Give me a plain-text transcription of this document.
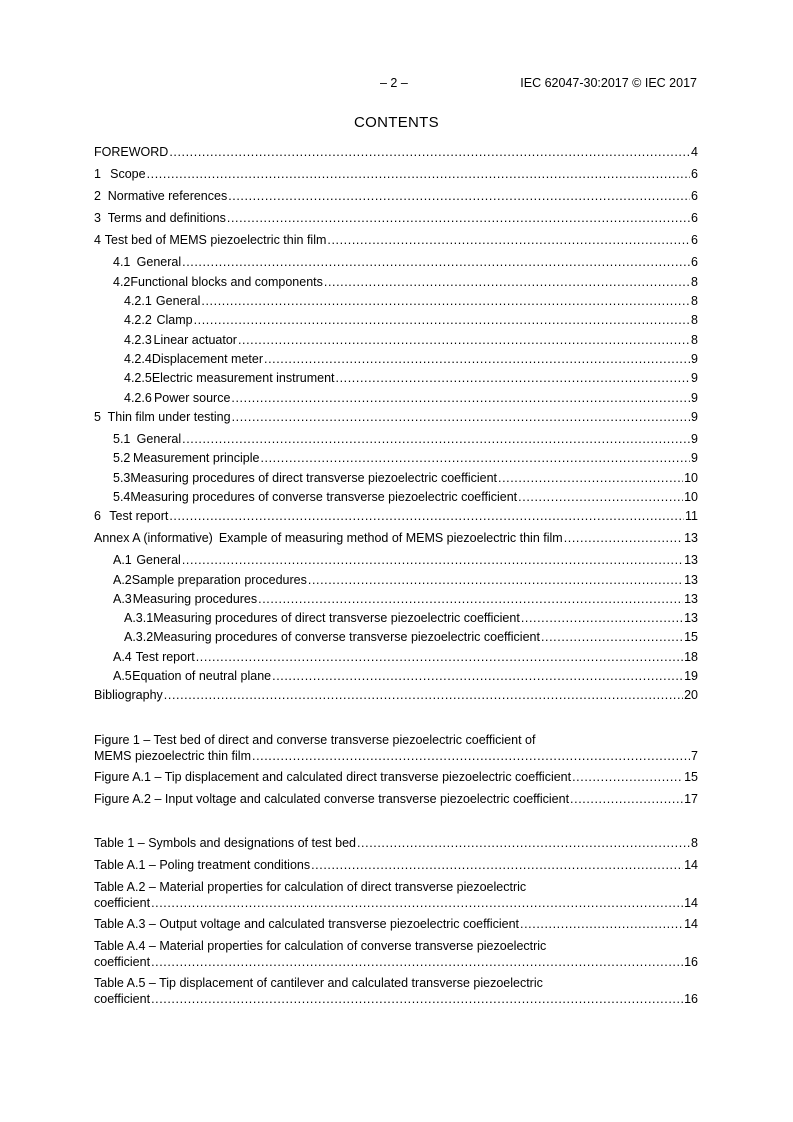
– 2 –	IEC 62047-30:2017 © IEC 2017
CONTENTS
FOREWORD .....	4
1 Scope .....	6
2 Normative references .....	6
3 Terms and definitions .....	6
4 Test bed of MEMS piezoelectric thin film .....	6
4.1 General .....	6
4.2 Functional blocks and components .....	8
4.2.1 General .....	8
4.2.2 Clamp .....	8
4.2.3 Linear actuator .....	8
4.2.4 Displacement meter .....	9
4.2.5 Electric measurement instrument .....	9
4.2.6 Power source .....	9
5 Thin film under testing .....	9
5.1 General .....	9
5.2 Measurement principle .....	9
5.3 Measuring procedures of direct transverse piezoelectric coefficient .....	10
5.4 Measuring procedures of converse transverse piezoelectric coefficient .....	10
6 Test report .....	11
Annex A (informative) Example of measuring method of MEMS piezoelectric thin film .....	13
A.1 General .....	13
A.2 Sample preparation procedures .....	13
A.3 Measuring procedures .....	13
A.3.1 Measuring procedures of direct transverse piezoelectric coefficient .....	13
A.3.2 Measuring procedures of converse transverse piezoelectric coefficient .....	15
A.4 Test report .....	18
A.5 Equation of neutral plane .....	19
Bibliography .....	20
Figure 1 – Test bed of direct and converse transverse piezoelectric coefficient of
MEMS piezoelectric thin film .....	7
Figure A.1 – Tip displacement and calculated direct transverse piezoelectric coefficient .....	15
Figure A.2 – Input voltage and calculated converse transverse piezoelectric coefficient .....	17
Table 1 – Symbols and designations of test bed .....	8
Table A.1 – Poling treatment conditions .....	14
Table A.2 – Material properties for calculation of direct transverse piezoelectric
coefficient .....	14
Table A.3 – Output voltage and calculated transverse piezoelectric coefficient .....	14
Table A.4 – Material properties for calculation of converse transverse piezoelectric
coefficient .....	16
Table A.5 – Tip displacement of cantilever and calculated transverse piezoelectric
coefficient .....	16
